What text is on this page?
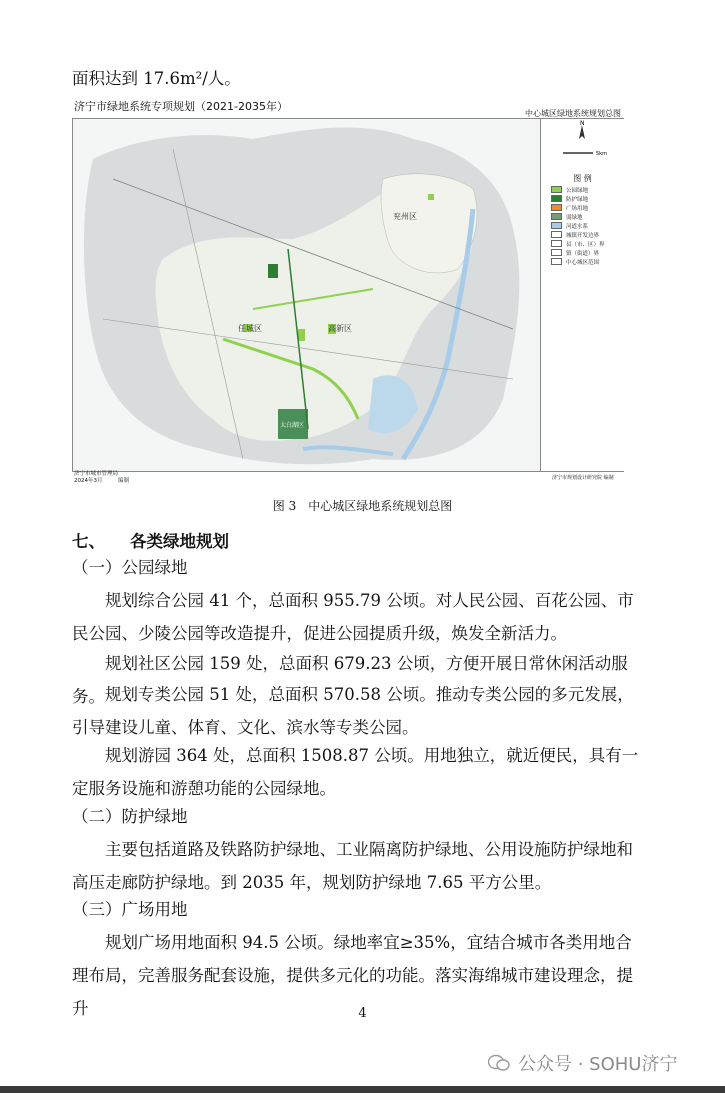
面积达到 17.6m²/人。

济宁市绿地系统专项规划（2021-2035年）
中心城区绿地系统规划总图
兖州区
任城区	高新区
太白湖区
N
5km
图 例
公园绿地
防护绿地
广场用地
弱绿地
河道水系
城镇开发边界
县（市、区）界
镇（街道）界
中心城区范围
济宁市城市管理局
2024年3月	编制	济宁市规划设计研究院 编制
图 3　中心城区绿地系统规划总图
七、 各类绿地规划
（一）公园绿地

规划综合公园 41 个，总面积 955.79 公顷。对人民公园、百花公园、市民公园、少陵公园等改造提升，促进公园提质升级，焕发全新活力。

规划社区公园 159 处，总面积 679.23 公顷，方便开展日常休闲活动服务。 规划专类公园 51 处，总面积 570.58 公顷。推动专类公园的多元发展，引导建设儿童、体育、文化、滨水等专类公园。

规划游园 364 处，总面积 1508.87 公顷。用地独立，就近便民，具有一定服务设施和游憩功能的公园绿地。

（二）防护绿地

主要包括道路及铁路防护绿地、工业隔离防护绿地、公用设施防护绿地和高压走廊防护绿地。到 2035 年，规划防护绿地 7.65 平方公里。

（三）广场用地

规划广场用地面积 94.5 公顷。绿地率宜≥35%，宜结合城市各类用地合理布局，完善服务配套设施，提供多元化的功能。落实海绵城市建设理念，提升	4
公众号 · SOHU济宁
